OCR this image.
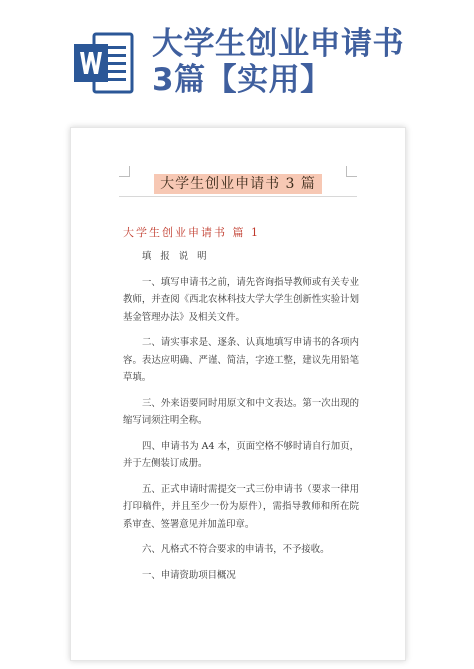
大学生创业申请书
3篇【实用】
大学生创业申请书 3 篇
大学生创业申请书 篇 1

填 报 说 明

一、填写申请书之前，请先咨询指导教师或有关专业教师，并查阅《西北农林科技大学大学生创新性实验计划基金管理办法》及相关文件。

二、请实事求是、逐条、认真地填写申请书的各项内容。表达应明确、严谨、简洁，字迹工整，建议先用铅笔草填。

三、外来语要同时用原文和中文表达。第一次出现的缩写词须注明全称。

四、申请书为 A4 本，页面空格不够时请自行加页，并于左侧装订成册。

五、正式申请时需提交一式三份申请书（要求一律用打印稿件，并且至少一份为原件），需指导教师和所在院系审查、签署意见并加盖印章。

六、凡格式不符合要求的申请书，不予接收。

一、申请资助项目概况
